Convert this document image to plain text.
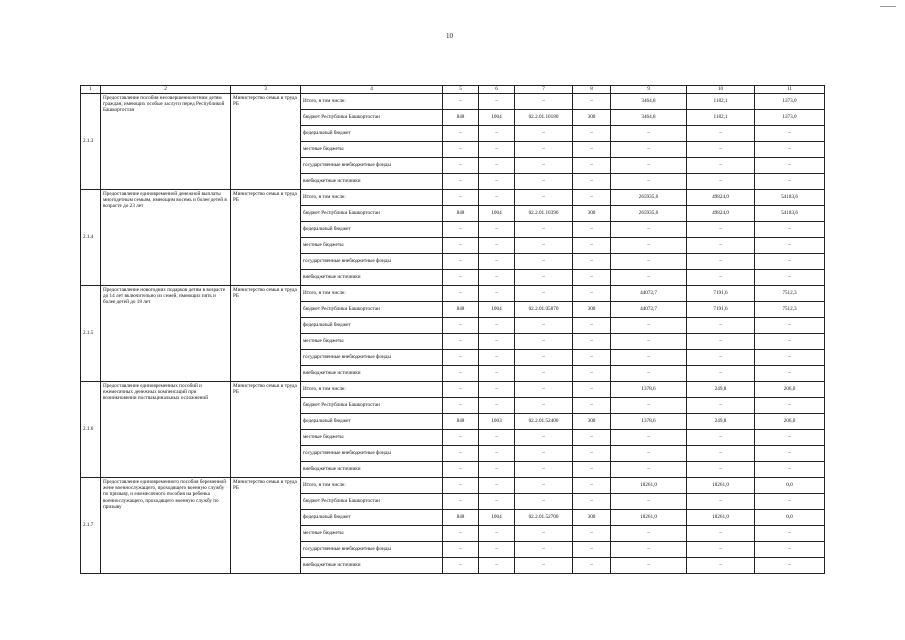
10
1	2	3	4	5	6	7	8	9	10	11
2.1.3	Предоставление пособия несовершеннолетним детям граждан, имеющих особые заслуги перед Республикой Башкортостан	Министерство семьи и труда РБ	Итого, в том числе:	–	–	–	–	3464,8	1182,1	1373,0
			бюджет Республики Башкортостан	848	1004	02.2.01.10180	300	3464,8	1182,1	1373,0
			федеральный бюджет	–	–	–	–	–	–	–
			местные бюджеты	–	–	–	–	–	–	–
			государственные внебюджетные фонды	–	–	–	–	–	–	–
			внебюджетные источники	–	–	–	–	–	–	–
2.1.4	Предоставление единовременной денежной выплаты многодетным семьям, имеющим восемь и более детей в возрасте до 23 лет	Министерство семьи и труда РБ	Итого, в том числе:	–	–	–	–	265935,6	49824,0	54183,6
			бюджет Республики Башкортостан	848	1004	02.2.01.10390	300	265935,6	49824,0	54183,6
			федеральный бюджет	–	–	–	–	–	–	–
			местные бюджеты	–	–	–	–	–	–	–
			государственные внебюджетные фонды	–	–	–	–	–	–	–
			внебюджетные источники	–	–	–	–	–	–	–
2.1.5	Предоставление новогодних подарков детям в возрасте до 14 лет включительно из семей, имеющих пять и более детей до 18 лет	Министерство семьи и труда РБ	Итого, в том числе:	–	–	–	–	44072,7	7191,6	7512,3
			бюджет Республики Башкортостан	848	1004	02.2.01.05870	300	44072,7	7191,6	7512,3
			федеральный бюджет	–	–	–	–	–	–	–
			местные бюджеты	–	–	–	–	–	–	–
			государственные внебюджетные фонды	–	–	–	–	–	–	–
			внебюджетные источники	–	–	–	–	–	–	–
2.1.6	Предоставление единовременных пособий и ежемесячных денежных компенсаций при возникновении поствакцинальных осложнений	Министерство семьи и труда РБ	Итого, в том числе:	–	–	–	–	1378,6	249,8	206,0
			бюджет Республики Башкортостан	–	–	–	–	–	–	–
			федеральный бюджет	848	1003	02.2.01.52400	300	1378,6	249,8	206,0
			местные бюджеты	–	–	–	–	–	–	–
			государственные внебюджетные фонды	–	–	–	–	–	–	–
			внебюджетные источники	–	–	–	–	–	–	–
2.1.7	Предоставление единовременного пособия беременной жене военнослужащего, проходящего военную службу по призыву, и ежемесячного пособия на ребенка военнослужащего, проходящего военную службу по призыву	Министерство семьи и труда РБ	Итого, в том числе:	–	–	–	–	18261,0	18261,0	0,0
			бюджет Республики Башкортостан	–	–	–	–	–	–	–
			федеральный бюджет	848	1004	02.2.01.52700	300	18261,0	18261,0	0,0
			местные бюджеты	–	–	–	–	–	–	–
			государственные внебюджетные фонды	–	–	–	–	–	–	–
			внебюджетные источники	–	–	–	–	–	–	–
